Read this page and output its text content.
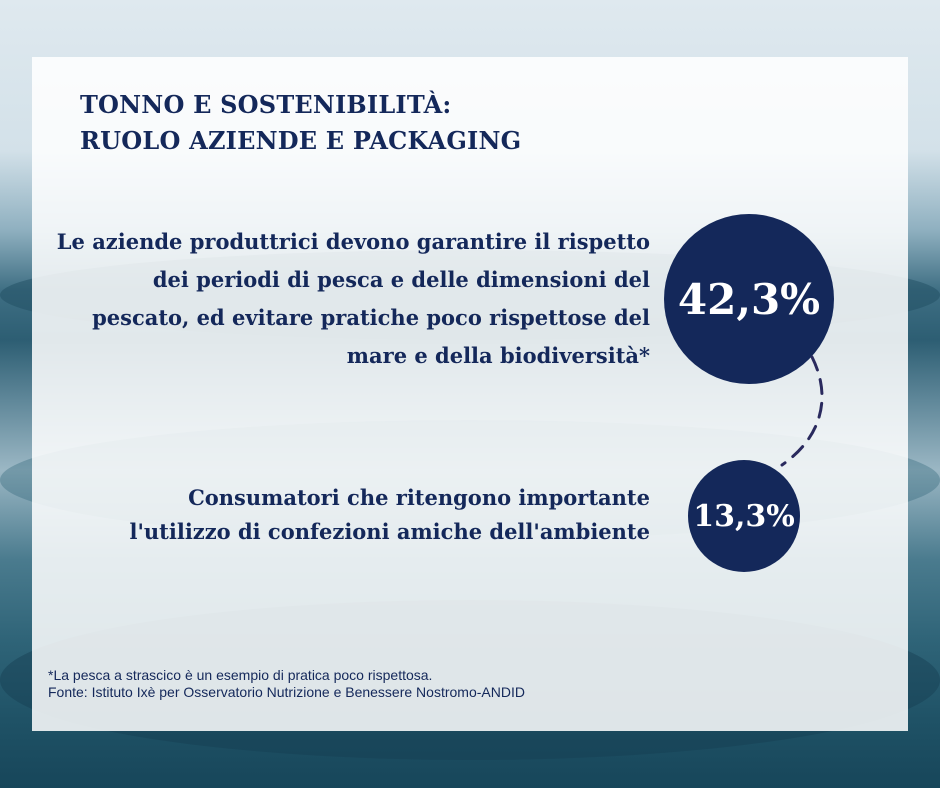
TONNO E SOSTENIBILITÀ:
RUOLO AZIENDE E PACKAGING
Le aziende produttrici devono garantire il rispetto dei periodi di pesca e delle dimensioni del pescato, ed evitare pratiche poco rispettose del mare e della biodiversità*
42,3%
Consumatori che ritengono importante l'utilizzo di confezioni amiche dell'ambiente 13,3%
*La pesca a strascico è un esempio di pratica poco rispettosa.
Fonte: Istituto Ixè per Osservatorio Nutrizione e Benessere Nostromo-ANDID
